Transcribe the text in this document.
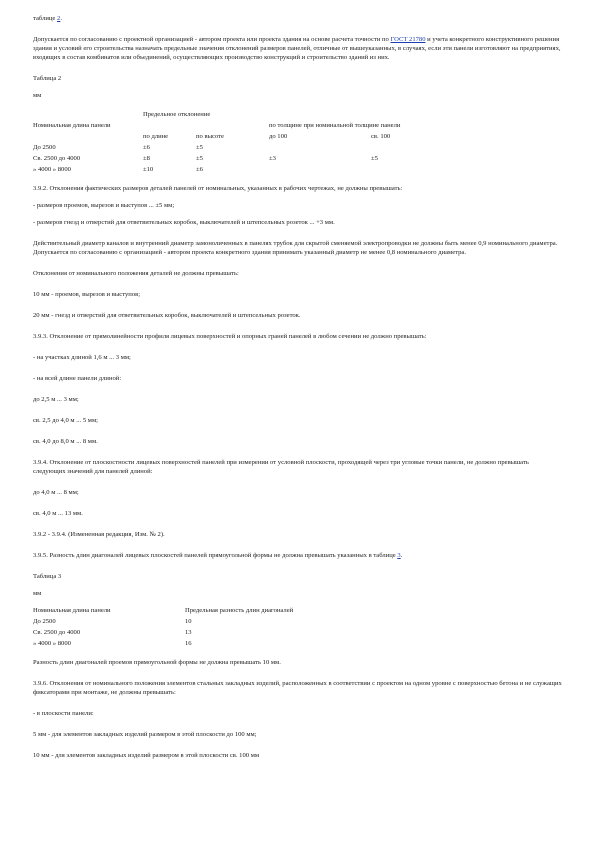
таблице 2.

Допускается по согласованию с проектной организацией - автором проекта или проекта здания на основе расчета точности по ГОСТ 21780 и учета конкретного конструктивного решения здания и условий его строительства назначать предельные значения отклонений размеров панелей, отличные от вышеуказанных, в случаях, если эти панели изготовляют на предприятиях, входящих в состав комбинатов или объединений, осуществляющих производство конструкций и строительство зданий из них.

Таблица 2

мм

	Предельное отклонение			
Номинальная длина панели			по толщине при номинальной толщине панели	
	по длине	по высоте	до 100	св. 100
До 2500	±6	±5		
Св. 2500 до 4000	±8	±5	±3	±5
» 4000 » 8000	±10	±6		

3.9.2. Отклонения фактических размеров деталей панелей от номинальных, указанных в рабочих чертежах, не должны превышать:

- размеров проемов, вырезов и выступов ... ±5 мм;

- размеров гнезд и отверстий для ответвительных коробок, выключателей и штепсельных розеток ... +3 мм.

Действительный диаметр каналов и внутренний диаметр замоноличенных в панелях трубок для скрытой сменяемой электропроводки не должны быть менее 0,9 номинального диаметра. Допускается по согласованию с организацией - автором проекта конкретного здания принимать указанный диаметр не менее 0,8 номинального диаметра.

Отклонения от номинального положения деталей не должны превышать:

10 мм - проемов, вырезов и выступов;

20 мм - гнезд и отверстий для ответвительных коробок, выключателей и штепсельных розеток.

3.9.3. Отклонение от прямолинейности профиля лицевых поверхностей и опорных граней панелей в любом сечении не должно превышать:

- на участках длиной 1,6 м ... 3 мм;

- на всей длине панели длиной:

до 2,5 м ... 3 мм;

св. 2,5 до 4,0 м ... 5 мм;

св. 4,0 до 8,0 м ... 8 мм.

3.9.4. Отклонение от плоскостности лицевых поверхностей панелей при измерении от условной плоскости, проходящей через три угловые точки панели, не должно превышать следующих значений для панелей длиной:

до 4,0 м ... 8 мм;

св. 4,0 м ... 13 мм.

3.9.2 - 3.9.4. (Измененная редакция, Изм. № 2).

3.9.5. Разность длин диагоналей лицевых плоскостей панелей прямоугольной формы не должна превышать указанных в таблице 3.

Таблица 3

мм

Номинальная длина панели	Предельная разность длин диагоналей
До 2500	10
Св. 2500 до 4000	13
» 4000 » 8000	16

Разность длин диагоналей проемов прямоугольной формы не должна превышать 10 мм.

3.9.6. Отклонения от номинального положения элементов стальных закладных изделий, расположенных в соответствии с проектом на одном уровне с поверхностью бетона и не служащих фиксаторами при монтаже, не должны превышать:

- в плоскости панели:

5 мм - для элементов закладных изделий размером в этой плоскости до 100 мм;

10 мм - для элементов закладных изделий размером в этой плоскости св. 100 мм
